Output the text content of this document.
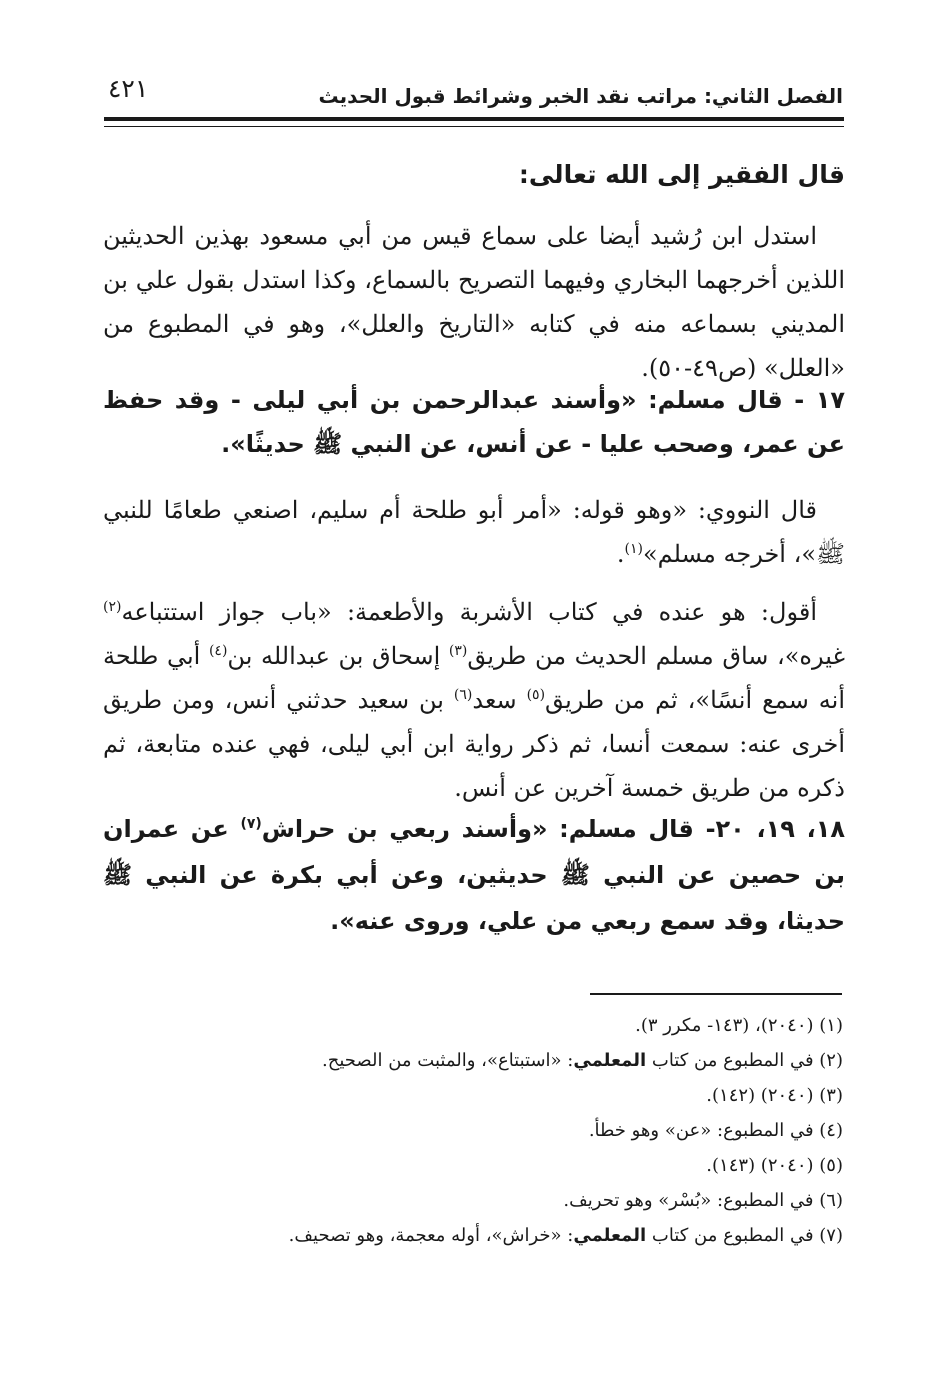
الفصل الثاني: مراتب نقد الخبر وشرائط قبول الحديث
٤٢١
قال الفقير إلى الله تعالى:
استدل ابن رُشيد أيضا على سماع قيس من أبي مسعود بهذين الحديثين اللذين أخرجهما البخاري وفيهما التصريح بالسماع، وكذا استدل بقول علي بن المديني بسماعه منه في كتابه «التاريخ والعلل»، وهو في المطبوع من «العلل» (ص٤٩-٥٠).
١٧ - قال مسلم: «وأسند عبدالرحمن بن أبي ليلى - وقد حفظ عن عمر، وصحب عليا - عن أنس، عن النبي ﷺ حديثًا».
قال النووي: «وهو قوله: «أمر أبو طلحة أم سليم، اصنعي طعامًا للنبي ﷺ»، أخرجه مسلم»$^{(١)}$.
أقول: هو عنده في كتاب الأشربة والأطعمة: «باب جواز استتباعه$^{(٢)}$ غيره»، ساق مسلم الحديث من طريق$^{(٣)}$ إسحاق بن عبدالله بن$^{(٤)}$ أبي طلحة أنه سمع أنسًا»، ثم من طريق$^{(٥)}$ سعد$^{(٦)}$ بن سعيد حدثني أنس، ومن طريق أخرى عنه: سمعت أنسا، ثم ذكر رواية ابن أبي ليلى، فهي عنده متابعة، ثم ذكره من طريق خمسة آخرين عن أنس.
١٨، ١٩، ٢٠- قال مسلم: «وأسند ربعي بن حراش$^{(٧)}$ عن عمران بن حصين عن النبي ﷺ حديثين، وعن أبي بكرة عن النبي ﷺ حديثا، وقد سمع ربعي من علي، وروى عنه».
(١) (٢٠٤٠)، (١٤٣- مكرر ٣).
(٢) في المطبوع من كتاب المعلمي: «استبتاع»، والمثبت من الصحيح.
(٣) (٢٠٤٠) (١٤٢).
(٤) في المطبوع: «عن» وهو خطأ.
(٥) (٢٠٤٠) (١٤٣).
(٦) في المطبوع: «بُسْر» وهو تحريف.
(٧) في المطبوع من كتاب المعلمي: «خراش»، أوله معجمة، وهو تصحيف.
